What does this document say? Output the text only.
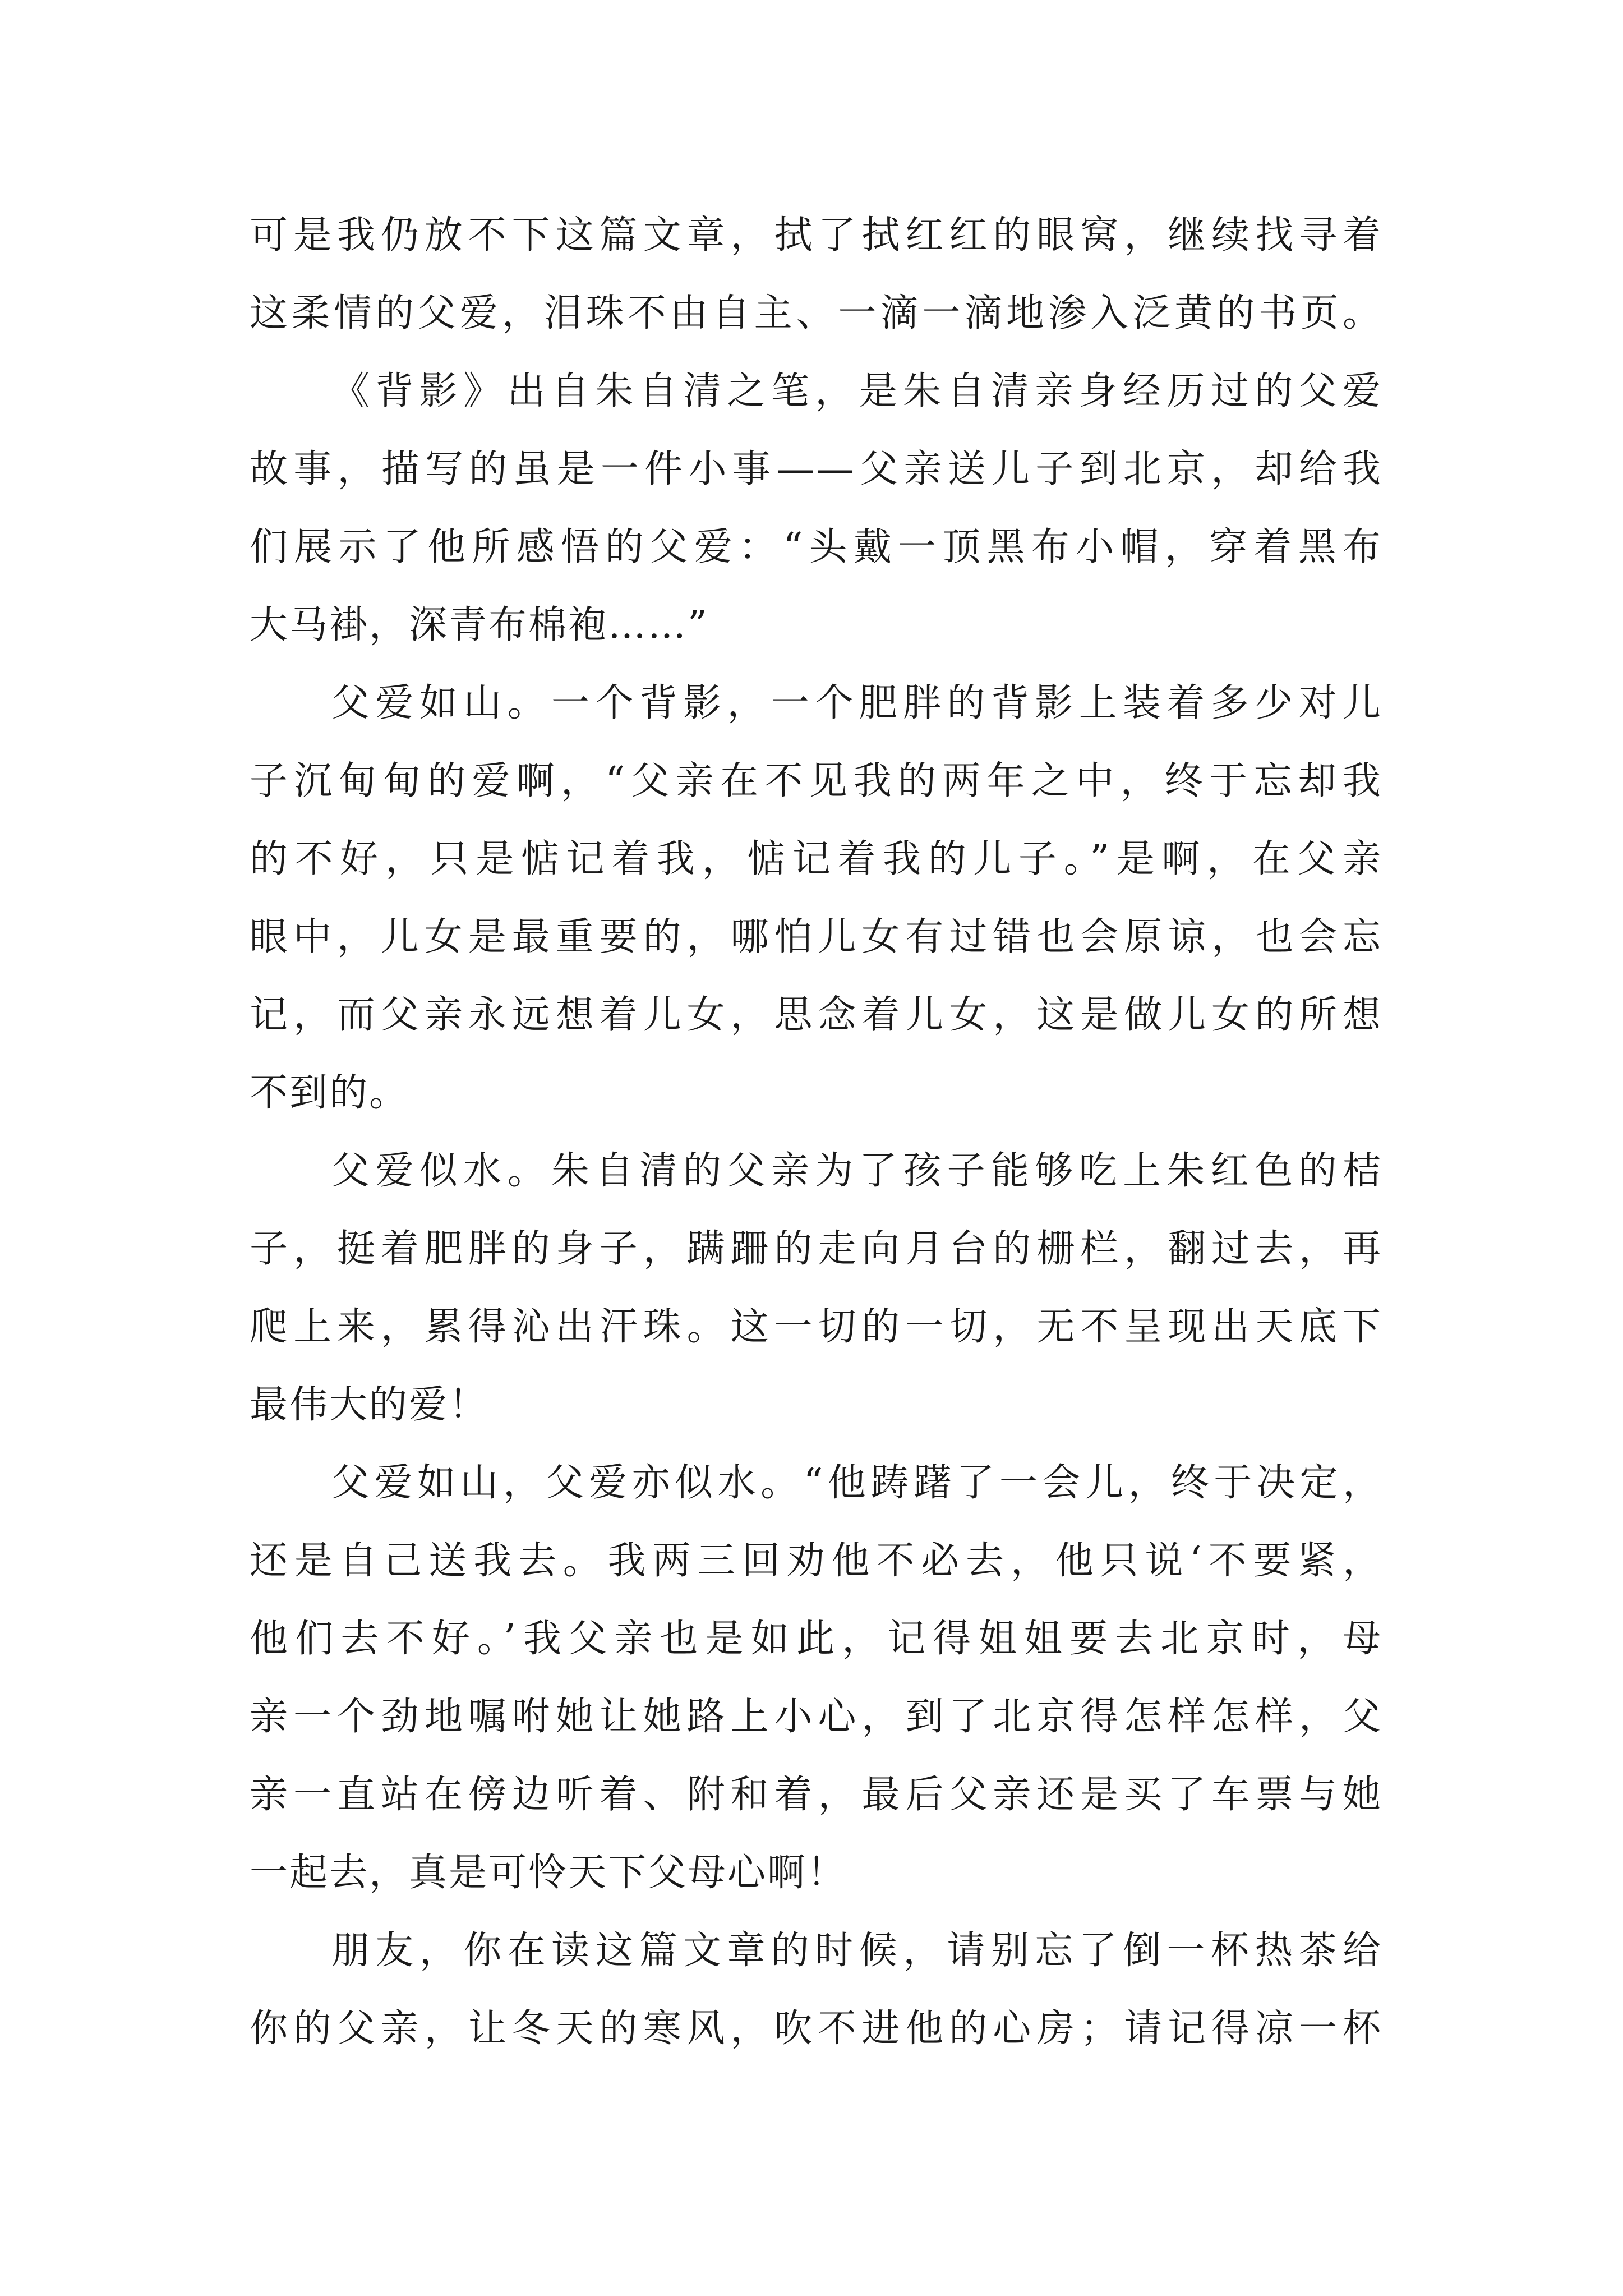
可是我仍放不下这篇文章，拭了拭红红的眼窝，继续找寻着
这柔情的父爱，泪珠不由自主、一滴一滴地渗入泛黄的书页。
《背影》出自朱自清之笔，是朱自清亲身经历过的父爱
故事，描写的虽是一件小事——父亲送儿子到北京，却给我
们展示了他所感悟的父爱：“头戴一顶黑布小帽，穿着黑布
大马褂，深青布棉袍……”
父爱如山。一个背影，一个肥胖的背影上装着多少对儿
子沉甸甸的爱啊，“父亲在不见我的两年之中，终于忘却我
的不好，只是惦记着我，惦记着我的儿子。”是啊，在父亲
眼中，儿女是最重要的，哪怕儿女有过错也会原谅，也会忘
记，而父亲永远想着儿女，思念着儿女，这是做儿女的所想
不到的。
父爱似水。朱自清的父亲为了孩子能够吃上朱红色的桔
子，挺着肥胖的身子，蹒跚的走向月台的栅栏，翻过去，再
爬上来，累得沁出汗珠。这一切的一切，无不呈现出天底下
最伟大的爱！
父爱如山，父爱亦似水。“他踌躇了一会儿，终于决定，
还是自己送我去。我两三回劝他不必去，他只说‘不要紧，
他们去不好。’我父亲也是如此，记得姐姐要去北京时，母
亲一个劲地嘱咐她让她路上小心，到了北京得怎样怎样，父
亲一直站在傍边听着、附和着，最后父亲还是买了车票与她
一起去，真是可怜天下父母心啊！
朋友，你在读这篇文章的时候，请别忘了倒一杯热茶给
你的父亲，让冬天的寒风，吹不进他的心房；请记得凉一杯
